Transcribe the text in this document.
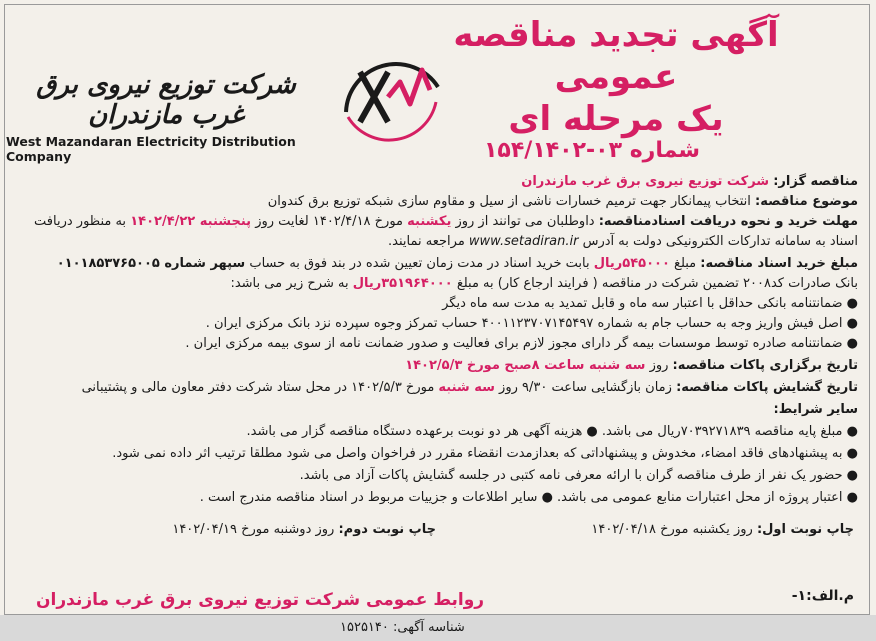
آگهی تجدید مناقصه عمومی
یک مرحله ای
شماره ۰۳-۱۵۴/۱۴۰۲
شرکت توزیع نیروی برق غرب مازندران
West Mazandaran Electricity Distribution Company
مناقصه گزار: شرکت توزیع نیروی برق غرب مازندران
موضوع مناقصه: انتخاب پیمانکار جهت ترمیم خسارات ناشی از سیل و مقاوم سازی شبکه توزیع برق کندوان
مهلت خرید و نحوه دریافت اسنادمناقصه: داوطلبان می توانند از روز یکشنبه مورخ ۱۴۰۲/۴/۱۸ لغایت روز پنجشنبه ۱۴۰۲/۴/۲۲ به منظور دریافت
اسناد به سامانه تدارکات الکترونیکی دولت به آدرس www.setadiran.ir مراجعه نمایند.
مبلغ خرید اسناد مناقصه: مبلغ ۵۴۵۰۰۰ریال بابت خرید اسناد در مدت زمان تعیین شده در بند فوق به حساب سپهر شماره ۰۱۰۱۸۵۳۷۶۵۰۰۵
بانک صادرات کد۲۰۰۸ تضمین شرکت در مناقصه ( فرایند ارجاع کار) به مبلغ ۳۵۱۹۶۴۰۰۰ریال به شرح زیر می باشد:
● ضمانتنامه بانکی حداقل با اعتبار سه ماه و قابل تمدید به مدت سه ماه دیگر
● اصل فیش واریز وجه به حساب جام به شماره ۴۰۰۱۱۲۳۷۰۷۱۴۵۴۹۷ حساب تمرکز وجوه سپرده نزد بانک مرکزی ایران .
● ضمانتنامه صادره توسط موسسات بیمه گر دارای مجوز لازم برای فعالیت و صدور ضمانت نامه از سوی بیمه مرکزی ایران .
تاریخ برگزاری پاکات مناقصه: روز سه شنبه ساعت ۸صبح مورخ ۱۴۰۲/۵/۳
تاریخ گشایش پاکات مناقصه: زمان بازگشایی ساعت ۹/۳۰ روز سه شنبه مورخ ۱۴۰۲/۵/۳ در محل ستاد شرکت دفتر معاون مالی و پشتیبانی
سایر شرایط:
● مبلغ پایه مناقصه ۷۰۳۹۲۷۱۸۳۹ریال می باشد. ● هزینه آگهی هر دو نوبت برعهده دستگاه مناقصه گزار می باشد.
● به پیشنهادهای فاقد امضاء، مخدوش و پیشنهاداتی که بعدازمدت انقضاء مقرر در فراخوان واصل می شود مطلقا ترتیب اثر داده نمی شود.
● حضور یک نفر از طرف مناقصه گران با ارائه معرفی نامه کتبی در جلسه گشایش پاکات آزاد می باشد.
● اعتبار پروژه از محل اعتبارات منابع عمومی می باشد. ● سایر اطلاعات و جزییات مربوط در اسناد مناقصه مندرج است .
چاپ نوبت اول: روز یکشنبه مورخ ۱۴۰۲/۰۴/۱۸
چاپ نوبت دوم: روز دوشنبه مورخ ۱۴۰۲/۰۴/۱۹
م.الف:۱-
روابط عمومی شرکت توزیع نیروی برق غرب مازندران
شناسه آگهی: ۱۵۲۵۱۴۰
